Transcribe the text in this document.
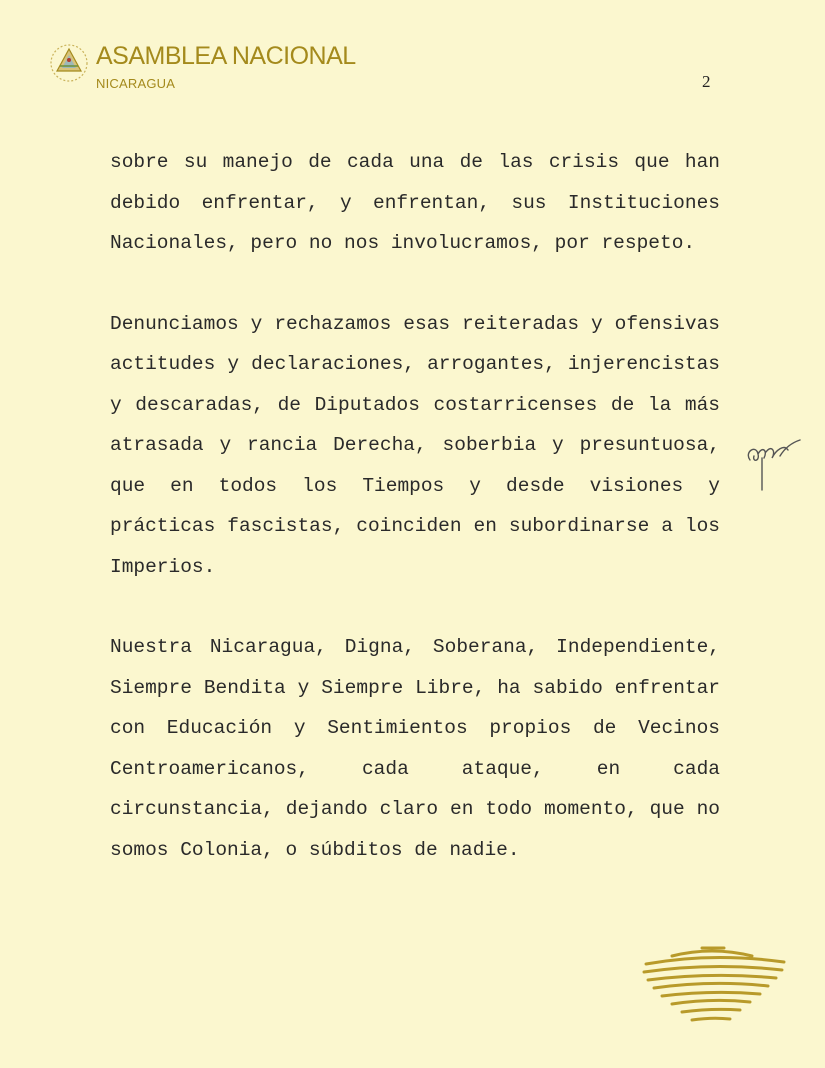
ASAMBLEA NACIONAL
NICARAGUA	2

sobre su manejo de cada una de las crisis que han debido enfrentar, y enfrentan, sus Instituciones Nacionales, pero no nos involucramos, por respeto.

Denunciamos y rechazamos esas reiteradas y ofensivas actitudes y declaraciones, arrogantes, injerencistas y descaradas, de Diputados costarricenses de la más atrasada y rancia Derecha, soberbia y presuntuosa, que en todos los Tiempos y desde visiones y prácticas fascistas, coinciden en subordinarse a los Imperios.

Nuestra Nicaragua, Digna, Soberana, Independiente, Siempre Bendita y Siempre Libre, ha sabido enfrentar con Educación y Sentimientos propios de Vecinos Centroamericanos, cada ataque, en cada circunstancia, dejando claro en todo momento, que no somos Colonia, o súbditos de nadie.
